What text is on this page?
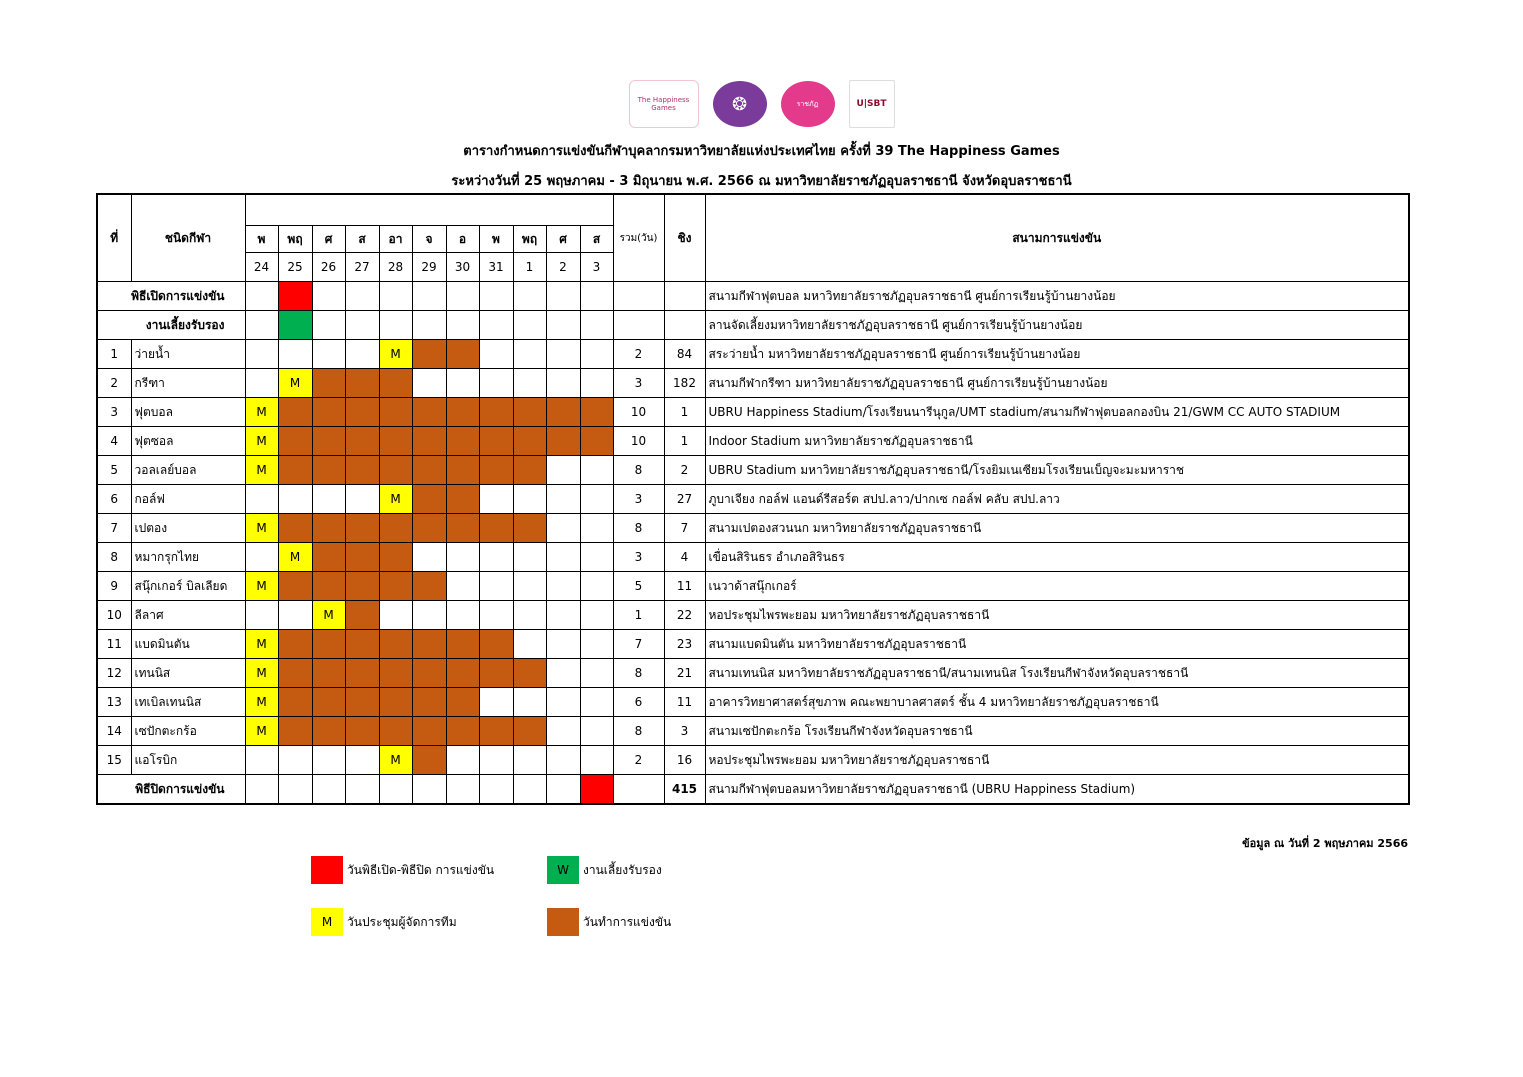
The Happiness Games	❂	ราชภัฏ	U|SBT
ตารางกำหนดการแข่งขันกีฬาบุคลากรมหาวิทยาลัยแห่งประเทศไทย ครั้งที่ 39 The Happiness Games
ระหว่างวันที่ 25 พฤษภาคม - 3 มิถุนายน พ.ศ. 2566 ณ มหาวิทยาลัยราชภัฏอุบลราชธานี จังหวัดอุบลราชธานี
ที่	ชนิดกีฬา												รวม(วัน)	ชิง	สนามการแข่งขัน
		พ	พฤ	ศ	ส	อา	จ	อ	พ	พฤ	ศ	ส			
		24	25	26	27	28	29	30	31	1	2	3			
พิธีเปิดการแข่งขัน															สนามกีฬาฟุตบอล มหาวิทยาลัยราชภัฏอุบลราชธานี ศูนย์การเรียนรู้บ้านยางน้อย
งานเลี้ยงรับรอง															ลานจัดเลี้ยงมหาวิทยาลัยราชภัฏอุบลราชธานี ศูนย์การเรียนรู้บ้านยางน้อย
1	ว่ายน้ำ					M							2	84	สระว่ายน้ำ มหาวิทยาลัยราชภัฏอุบลราชธานี ศูนย์การเรียนรู้บ้านยางน้อย
2	กรีฑา		M										3	182	สนามกีฬากรีฑา มหาวิทยาลัยราชภัฏอุบลราชธานี ศูนย์การเรียนรู้บ้านยางน้อย
3	ฟุตบอล	M											10	1	UBRU Happiness Stadium/โรงเรียนนารีนุกูล/UMT stadium/สนามกีฬาฟุตบอลกองบิน 21/GWM CC AUTO STADIUM
4	ฟุตซอล	M											10	1	Indoor Stadium มหาวิทยาลัยราชภัฏอุบลราชธานี
5	วอลเลย์บอล	M											8	2	UBRU Stadium มหาวิทยาลัยราชภัฏอุบลราชธานี/โรงยิมเนเซียมโรงเรียนเบ็ญจะมะมหาราช
6	กอล์ฟ					M							3	27	ภูบาเจียง กอล์ฟ แอนด์รีสอร์ต สปป.ลาว/ปากเซ กอล์ฟ คลับ สปป.ลาว
7	เปตอง	M											8	7	สนามเปตองสวนนก มหาวิทยาลัยราชภัฏอุบลราชธานี
8	หมากรุกไทย		M										3	4	เขื่อนสิรินธร อำเภอสิรินธร
9	สนุ๊กเกอร์ บิลเลียด	M											5	11	เนวาด้าสนุ๊กเกอร์
10	ลีลาศ			M									1	22	หอประชุมไพรพะยอม มหาวิทยาลัยราชภัฏอุบลราชธานี
11	แบดมินตัน	M											7	23	สนามแบดมินตัน มหาวิทยาลัยราชภัฏอุบลราชธานี
12	เทนนิส	M											8	21	สนามเทนนิส มหาวิทยาลัยราชภัฏอุบลราชธานี/สนามเทนนิส โรงเรียนกีฬาจังหวัดอุบลราชธานี
13	เทเบิลเทนนิส	M											6	11	อาคารวิทยาศาสตร์สุขภาพ คณะพยาบาลศาสตร์ ชั้น 4 มหาวิทยาลัยราชภัฏอุบลราชธานี
14	เซปักตะกร้อ	M											8	3	สนามเซปักตะกร้อ โรงเรียนกีฬาจังหวัดอุบลราชธานี
15	แอโรบิก					M							2	16	หอประชุมไพรพะยอม มหาวิทยาลัยราชภัฏอุบลราชธานี
พิธีปิดการแข่งขัน														415	สนามกีฬาฟุตบอลมหาวิทยาลัยราชภัฏอุบลราชธานี (UBRU Happiness Stadium)
ข้อมูล ณ วันที่ 2 พฤษภาคม 2566
วันพิธีเปิด-พิธีปิด การแข่งขัน	W	งานเลี้ยงรับรอง
M	วันประชุมผู้จัดการทีม	วันทำการแข่งขัน
